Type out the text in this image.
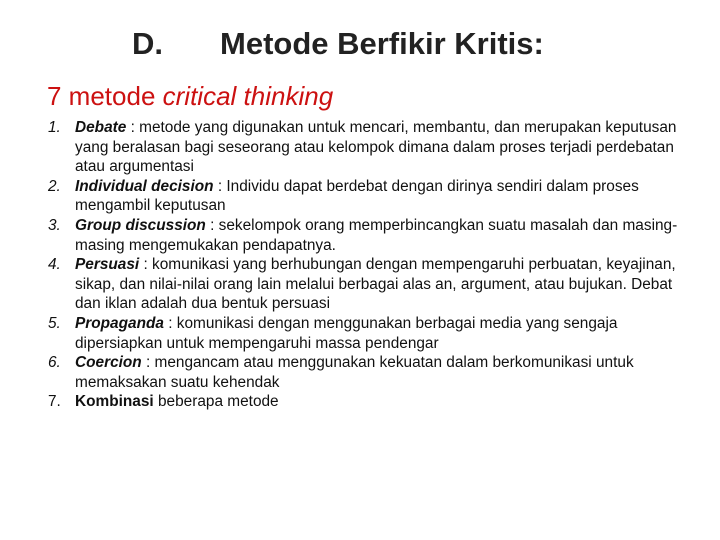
D. Metode Berfikir Kritis:
7 metode critical thinking
1. Debate : metode yang digunakan untuk mencari, membantu, dan merupakan keputusan yang beralasan bagi seseorang atau kelompok dimana dalam proses terjadi perdebatan atau argumentasi
2. Individual decision : Individu dapat berdebat dengan dirinya sendiri dalam proses mengambil keputusan
3. Group discussion : sekelompok orang memperbincangkan suatu masalah dan masing-masing mengemukakan pendapatnya.
4. Persuasi : komunikasi yang berhubungan dengan mempengaruhi perbuatan, keyajinan, sikap, dan nilai-nilai orang lain melalui berbagai alas an, argument, atau bujukan. Debat dan iklan adalah dua bentuk persuasi
5. Propaganda : komunikasi dengan menggunakan berbagai media yang sengaja dipersiapkan untuk mempengaruhi massa pendengar
6. Coercion : mengancam atau menggunakan kekuatan dalam berkomunikasi untuk memaksakan suatu kehendak
7. Kombinasi beberapa metode
